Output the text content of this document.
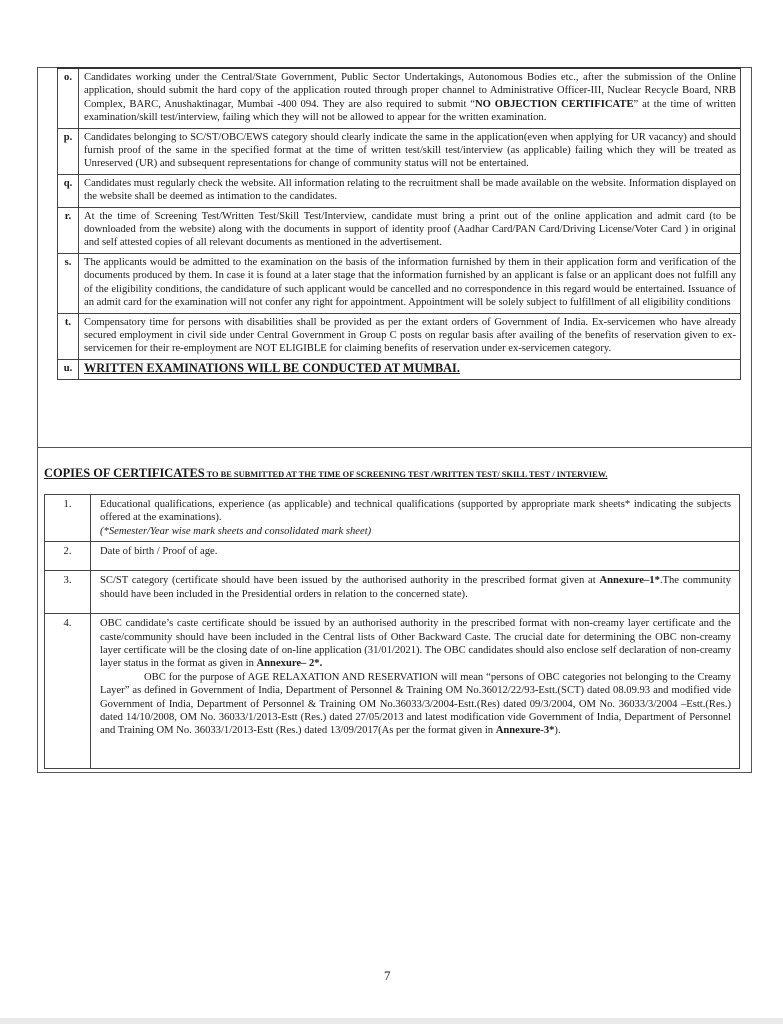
o.	Candidates working under the Central/State Government, Public Sector Undertakings, Autonomous Bodies etc., after the submission of the Online application, should submit the hard copy of the application routed through proper channel to Administrative Officer-III, Nuclear Recycle Board, NRB Complex, BARC, Anushaktinagar, Mumbai -400 094. They are also required to submit “NO OBJECTION CERTIFICATE” at the time of written examination/skill test/interview, failing which they will not be allowed to appear for the written examination.
p.	Candidates belonging to SC/ST/OBC/EWS category should clearly indicate the same in the application(even when applying for UR vacancy) and should furnish proof of the same in the specified format at the time of written test/skill test/interview (as applicable) failing which they will be treated as Unreserved (UR) and subsequent representations for change of community status will not be entertained.
q.	Candidates must regularly check the website. All information relating to the recruitment shall be made available on the website. Information displayed on the website shall be deemed as intimation to the candidates.
r.	At the time of Screening Test/Written Test/Skill Test/Interview, candidate must bring a print out of the online application and admit card (to be downloaded from the website) along with the documents in support of identity proof (Aadhar Card/PAN Card/Driving License/Voter Card ) in original and self attested copies of all relevant documents as mentioned in the advertisement.
s.	The applicants would be admitted to the examination on the basis of the information furnished by them in their application form and verification of the documents produced by them. In case it is found at a later stage that the information furnished by an applicant is false or an applicant does not fulfill any of the eligibility conditions, the candidature of such applicant would be cancelled and no correspondence in this regard would be entertained. Issuance of an admit card for the examination will not confer any right for appointment. Appointment will be solely subject to fulfillment of all eligibility conditions
t.	Compensatory time for persons with disabilities shall be provided as per the extant orders of Government of India. Ex-servicemen who have already secured employment in civil side under Central Government in Group C posts on regular basis after availing of the benefits of reservation given to ex-servicemen for their re-employment are NOT ELIGIBLE for claiming benefits of reservation under ex-servicemen category.
u.	WRITTEN EXAMINATIONS WILL BE CONDUCTED AT MUMBAI.
COPIES OF CERTIFICATES TO BE SUBMITTED AT THE TIME OF SCREENING TEST /WRITTEN TEST/ SKILL TEST / INTERVIEW.
1.	Educational qualifications, experience (as applicable) and technical qualifications (supported by appropriate mark sheets* indicating the subjects offered at the examinations).

(*Semester/Year wise mark sheets and consolidated mark sheet)

2.	Date of birth / Proof of age.
3.	SC/ST category (certificate should have been issued by the authorised authority in the prescribed format given at Annexure–1*.The community should have been included in the Presidential orders in relation to the concerned state).
4.	OBC candidate’s caste certificate should be issued by an authorised authority in the prescribed format with non-creamy layer certificate and the caste/community should have been included in the Central lists of Other Backward Caste. The crucial date for determining the OBC non-creamy layer certificate will be the closing date of on-line application (31/01/2021). The OBC candidates should also enclose self declaration of non-creamy layer status in the format as given in Annexure– 2*.

OBC for the purpose of AGE RELAXATION AND RESERVATION will mean “persons of OBC categories not belonging to the Creamy Layer” as defined in Government of India, Department of Personnel & Training OM No.36012/22/93-Estt.(SCT) dated 08.09.93 and modified vide Government of India, Department of Personnel & Training OM No.36033/3/2004-Estt.(Res) dated 09/3/2004, OM No. 36033/3/2004 –Estt.(Res.) dated 14/10/2008, OM No. 36033/1/2013-Estt (Res.) dated 27/05/2013 and latest modification vide Government of India, Department of Personnel and Training OM No. 36033/1/2013-Estt (Res.) dated 13/09/2017(As per the format given in Annexure-3*).

7
